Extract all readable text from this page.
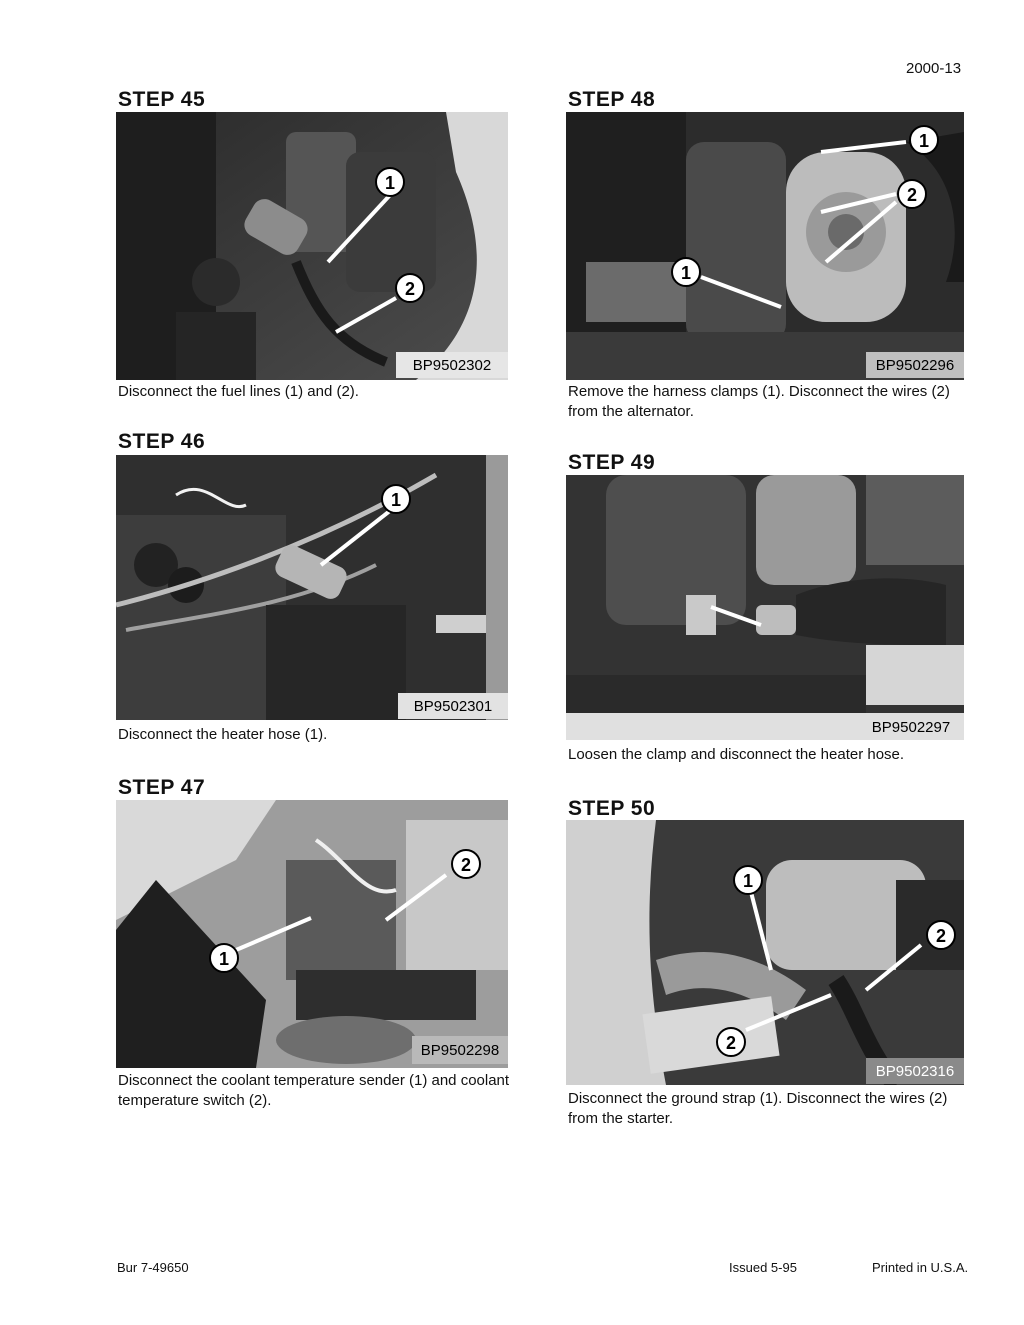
2000-13
STEP 45
1
2
BP9502302
Disconnect the fuel lines (1) and (2).
STEP 46
1
BP9502301
Disconnect the heater hose (1).
STEP 47
2
1
BP9502298
Disconnect the coolant temperature sender (1) and coolant
temperature switch (2).
STEP 48
1
2
1
BP9502296
Remove the harness clamps (1). Disconnect the wires (2)
from the alternator.
STEP 49
BP9502297
Loosen the clamp and disconnect the heater hose.
STEP 50
1
2
2
BP9502316
Disconnect the ground strap (1). Disconnect the wires (2)
from the starter.
Bur 7-49650	Issued 5-95	Printed in U.S.A.
